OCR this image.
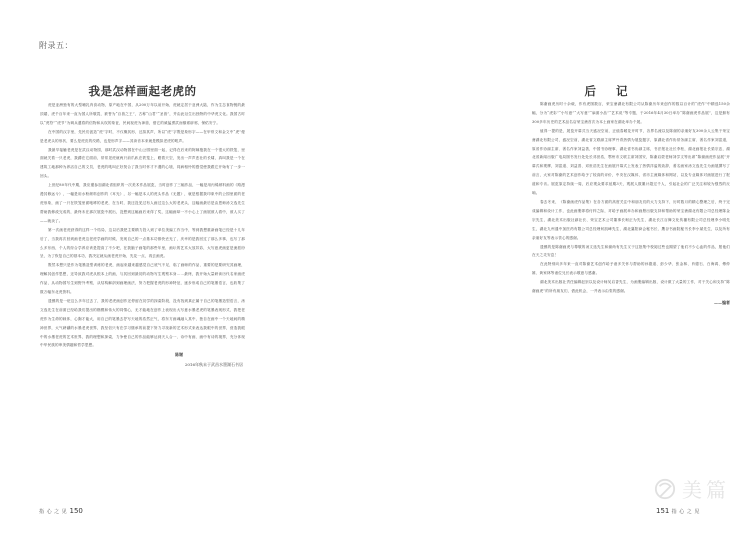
附录五：
我是怎样画起老虎的

虎是亚洲独有的大型哺乳肉食动物，原产地在中国，从200万年以前开始，虎就定居于亚洲大陆，作为生态食物链的最顶端，虎千百年来一直为国人所敬畏，被誉为“百兽之王”，古称“山君”“圣兽”，并由此衍生出独特的中华虎文化。我国古时以“虎符”“虎节”为调兵遣将的信物和兵权的象征，民间视虎为神兽，借它的威猛勇武而镇邪辟邪，保佑安宁。

在中国的汉字里，先民们创造“虎”字时，不仅概其形，还拟其声，所以“虎”字既是象形字——在甲骨文和金文中“虎”便是老虎头的形状，要么是虎皮的纹路，也是形声字——其读音本来就是模拟老虎的吼声。

我最早接触老虎是在武汉动物园，那时武汉动物园在中山公园里面一起，记得在后来的阿姨抱我在一个很大的铁笼，里面就关着一只老虎，我蹲在它面前，常常见虎就两只前爪趴在铁笼上，瞪着天空，发出一声声悲壮的长啸，真叫我是一个在建筑工地那种为养活自己的文员，老虎的吼叫正好契合了我当时怀才不遇的心境，同病相怜的感觉使我跟它开始有了一步一回头。

上世纪80年代中期，我应邀参加湖北省组织的一次美术作品展览，当时创作了三幅作品，一幅是用丙烯颜料画的《路漫漫其修远兮》，一幅是用水粉颜料创作的《耳光》，另一幅是本人的虎头作品《无题》，就是根据我印象中的公园里面的老虎形象，画了一只在铁笼里面咆哮的老虎，在当时，我还没见过有人画过这么大的老虎头，这幅画最后是由恩师汤文选先生帮助我修改完成的，最终未在那次展览中展出，没想到这幅画后来得了奖，这幅画却一不小心上了画展被人看中，被人买了——就卖了。

第一次画老虎获得的这样一个结局，这以后我把主要精力投入到了单位美编工作当中，等到我想重新画笔已经是十几年后了，当我再次回到画老虎这老虎学画的时候，发现自己的一点基本功都快丢光了，庆幸的是我回过了那么多事，也写了那么多东西，个人的综合学养应该是提高了不少吧，在我脑子画笔的那些年里，画坛的艺术大放异彩，大写意虎画更是流派纷呈，为了恢复自己的基本功，我决定就从画老虎开始，先花一点，再去画虎。

既然本想只是作为笔墨造型训练的老虎，画起来越来越感觉自己底气不足，临了画师的作品，重要的是要研究其画理，理解其创作思想，还导致我对虎从根本上的画，与其回到最初的动物写生观察本身……最终，我开始大量研读历代名家画虎作品，从动物园写生到野外考察，从结构解剖到画理画法，努力把握老虎的形神特征，逐步形成自己的笔墨语言，也收集了数万幅东北虎资料。

遗憾的是一眨这么多年过去了，我的老虎画创作还停留在初学的探索阶段，没有找到真正属于自己的笔墨造型语言，汤文选先生在前面已经给我们提出的楷模和伟大的同情心，无才能地在创作上表现出大写意水墨老虎的笔墨表现形式，我把老虎作为生命的载体，心胸才能大，用自己的笔墨去抒写天地的浩然正气，将东方画魂融入其中，独自在画中一个天地间的精神世界，大气磅礴的水墨老虎世界，我坚信只有在学习继承的前提下努力寻找新的艺术形式来表达我眼中的世界，营造我眼中的水墨老虎的艺术世界，我的理想和探索，力争使自己的作品能够达到天人合一、诗中有画、画中有诗的境界，充分体现中华民族的审美情趣和哲学思想。

陈谢
2016年秋末于武昌水墨湖石书居
指 心 之 见 150
后 记

陈谢画虎历时十余载，作有虎图数百，荣宝斋湖北有限公司从陈谢历年来创作的数以百计的“虎作”中精选150余幅，分为“虎彩”“小写意”“大写意”“扇面小品”“艺术说”等专题，于2016年4月30日举办“陈谢画虎作品展”，这是拥有300多年历史的艺术品名店荣宝斋首次为本土画家在湖北举办个展。

值得一提的是，展览开幕式当天盛况空前，正值春暖花开时节，各界名流以及陈谢的亲朋好友300余人云集于荣宝斋湖北有限公司，盛况空前，湖北省文联副主席罗丹青热情为展览题字，原湖北省作协常务副主席、著名作家刘富道，原省作协副主席、著名作家刘益善，中国书协理事、湖北省书协副主席，书法报社社长李松，湖北画报社长梁宗忠，湖北省新闻出版广电局图书发行处处长邓世浩，鄂州市文联主席刘国安，陈谢启蒙老师刘学文等出席“陈谢画虎作品展”开幕式和观摩，刘富道、刘益善、邓世浩先生在画展开幕式上发表了热情洋溢的致辞，著名画家汤文选先生为画展撰写了前言，大家对陈谢的艺术创作给予了较高的评价，中央在汉媒体，省市主流媒体和网站，以及专业媒体对画展进行了报道和专访。展览原定持续一周，后应观众要求延期3天，观展人数累计超过千人，引起社会的广泛关注和较为强烈的反响。

春去冬来，《陈谢画虎作品集》在各方面的高度关注中和朋友们的大力支持下，历时数月的精心整理之后，终于完成编辑和设计工作，也此画册即将付梓之际，对给予画展举办和画册出版支持和帮助的荣宝斋湖北有限公司总经理陈金宗先生，湖北美术出版社副社长、荣宝艺术公司董事长柯正为先生，湖北长江百舞文化传播有限公司总经理李小明先生，湖北九州通中加医药有限公司总经理何凯峰先生，湖北襄阳商会秘书长、鹰谷书画院秘书长李小斌先生，以及所有亲朋好友等表示衷心的感谢。

遗憾的是陈谢画虎与尊敬的汤文选先生和谢尚有先生又于这批集中校阅过些也期望了他们不少心血的作品，愿他们在天之灵安息！

在此特别向多年来一直对陈谢艺术创作给予诸多关怀与帮助的孙德道、彭少华、张金林、肖德石、白海鸿、傅仲雄、黄家林等诸位兄长表示敬意与感谢。

湖北美术出版社责任编辑赵崇以及设计师吴启香先生，为画册编辑出版、设计做了大量的工作，对于关心和支持“陈谢画虎”的所有朋友们，借此机会，一并表示由衷的感谢。

——编者
美篇
151 指 心 之 见
